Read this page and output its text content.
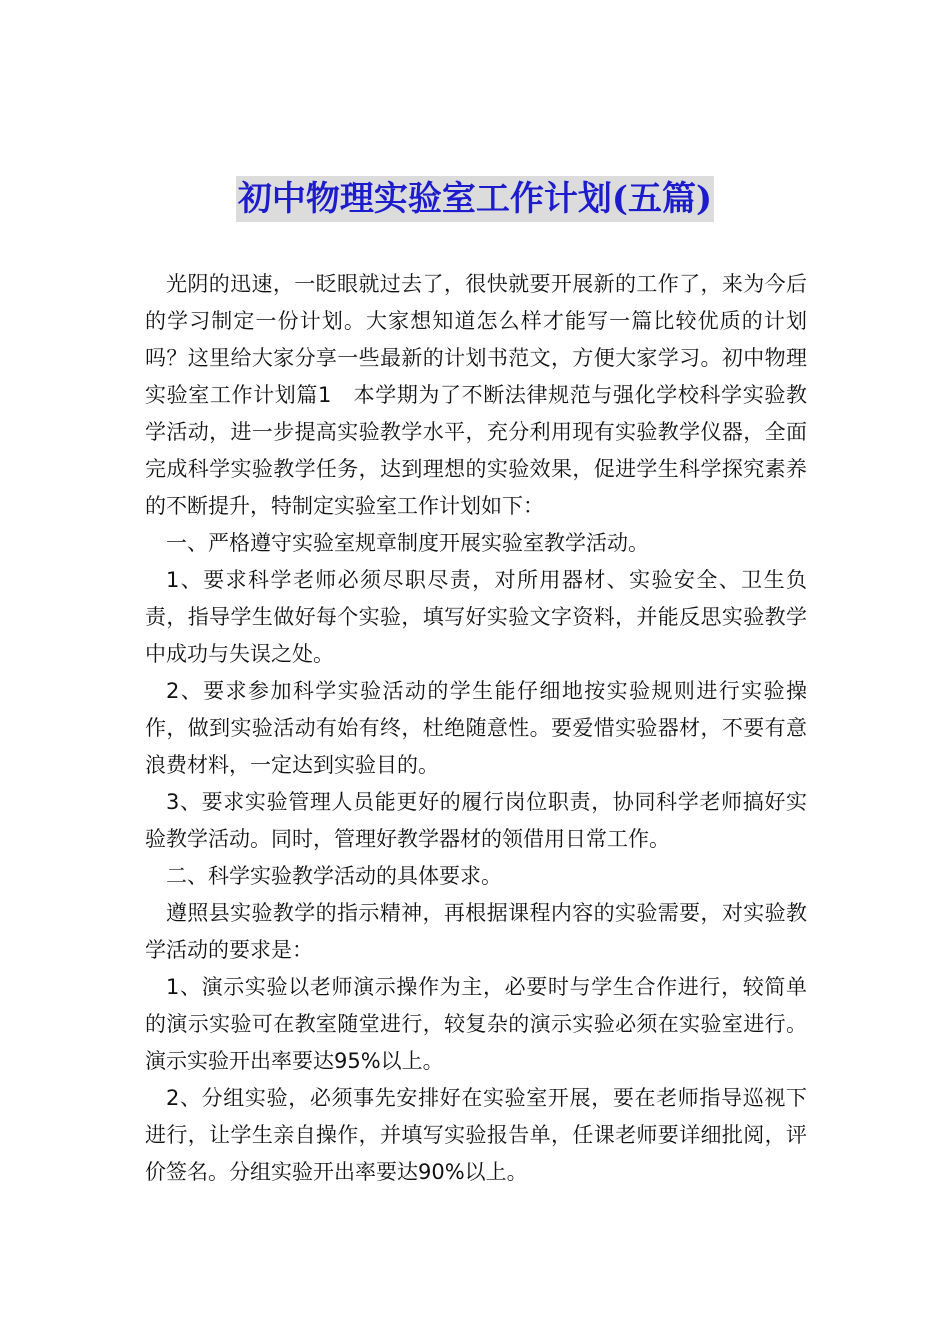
初中物理实验室工作计划(五篇)

光阴的迅速，一眨眼就过去了，很快就要开展新的工作了，来为今后的学习制定一份计划。大家想知道怎么样才能写一篇比较优质的计划吗？这里给大家分享一些最新的计划书范文，方便大家学习。初中物理实验室工作计划篇1　本学期为了不断法律规范与强化学校科学实验教学活动，进一步提高实验教学水平，充分利用现有实验教学仪器，全面完成科学实验教学任务，达到理想的实验效果，促进学生科学探究素养的不断提升，特制定实验室工作计划如下：

一、严格遵守实验室规章制度开展实验室教学活动。

1、要求科学老师必须尽职尽责，对所用器材、实验安全、卫生负责，指导学生做好每个实验，填写好实验文字资料，并能反思实验教学中成功与失误之处。

2、要求参加科学实验活动的学生能仔细地按实验规则进行实验操作，做到实验活动有始有终，杜绝随意性。要爱惜实验器材，不要有意浪费材料，一定达到实验目的。

3、要求实验管理人员能更好的履行岗位职责，协同科学老师搞好实验教学活动。同时，管理好教学器材的领借用日常工作。

二、科学实验教学活动的具体要求。

遵照县实验教学的指示精神，再根据课程内容的实验需要，对实验教学活动的要求是：

1、演示实验以老师演示操作为主，必要时与学生合作进行，较简单的演示实验可在教室随堂进行，较复杂的演示实验必须在实验室进行。演示实验开出率要达95%以上。

2、分组实验，必须事先安排好在实验室开展，要在老师指导巡视下进行，让学生亲自操作，并填写实验报告单，任课老师要详细批阅，评价签名。分组实验开出率要达90%以上。
